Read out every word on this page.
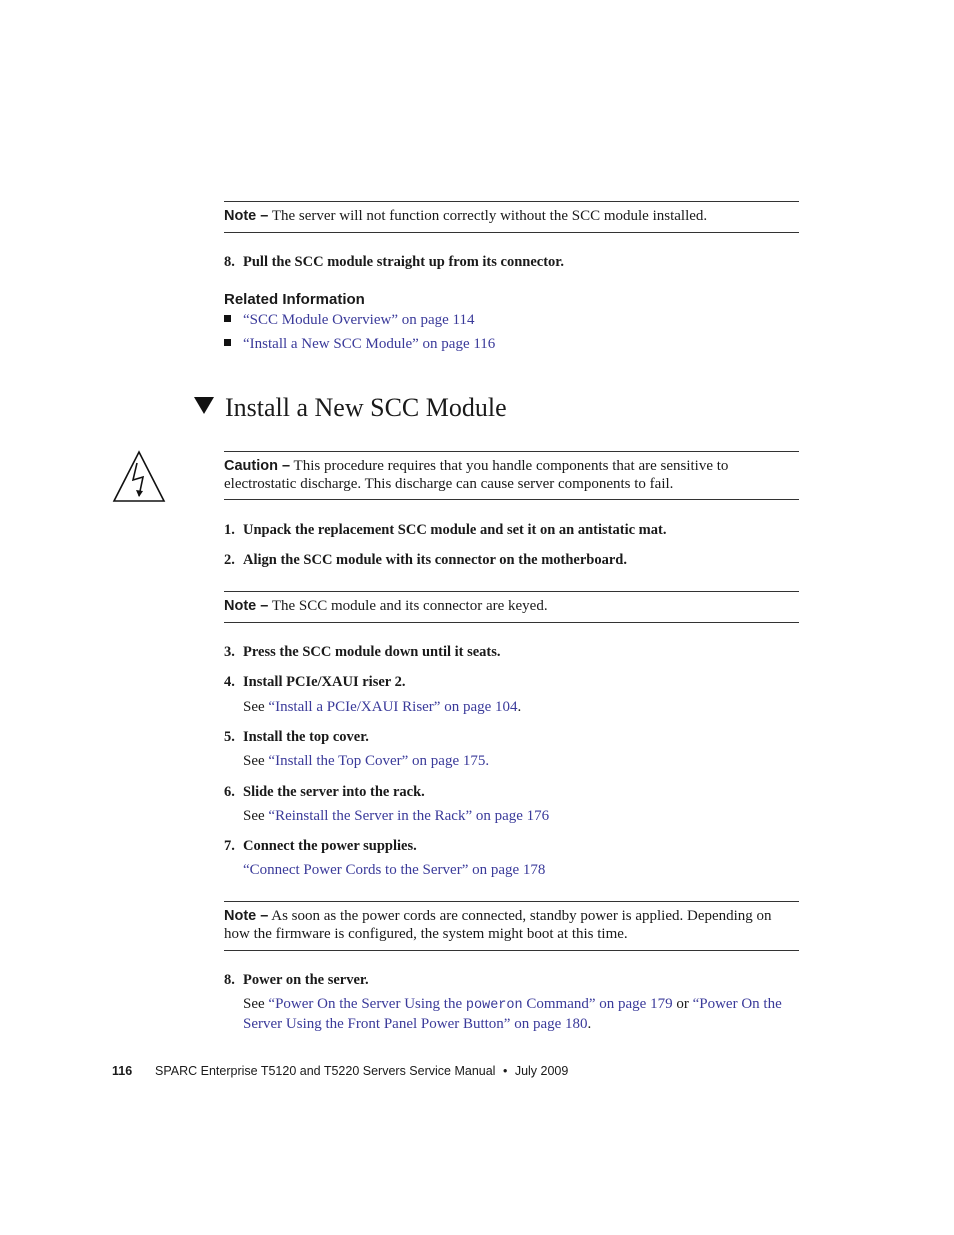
Note – The server will not function correctly without the SCC module installed.
8. Pull the SCC module straight up from its connector.
Related Information
“SCC Module Overview” on page 114
“Install a New SCC Module” on page 116
Install a New SCC Module
Caution – This procedure requires that you handle components that are sensitive to electrostatic discharge. This discharge can cause server components to fail.
1. Unpack the replacement SCC module and set it on an antistatic mat.
2. Align the SCC module with its connector on the motherboard.
Note – The SCC module and its connector are keyed.
3. Press the SCC module down until it seats.
4. Install PCIe/XAUI riser 2.
See “Install a PCIe/XAUI Riser” on page 104.
5. Install the top cover.
See “Install the Top Cover” on page 175.
6. Slide the server into the rack.
See “Reinstall the Server in the Rack” on page 176
7. Connect the power supplies.
“Connect Power Cords to the Server” on page 178
Note – As soon as the power cords are connected, standby power is applied. Depending on how the firmware is configured, the system might boot at this time.
8. Power on the server.
See “Power On the Server Using the poweron Command” on page 179 or “Power On the Server Using the Front Panel Power Button” on page 180.
116 SPARC Enterprise T5120 and T5220 Servers Service Manual • July 2009
